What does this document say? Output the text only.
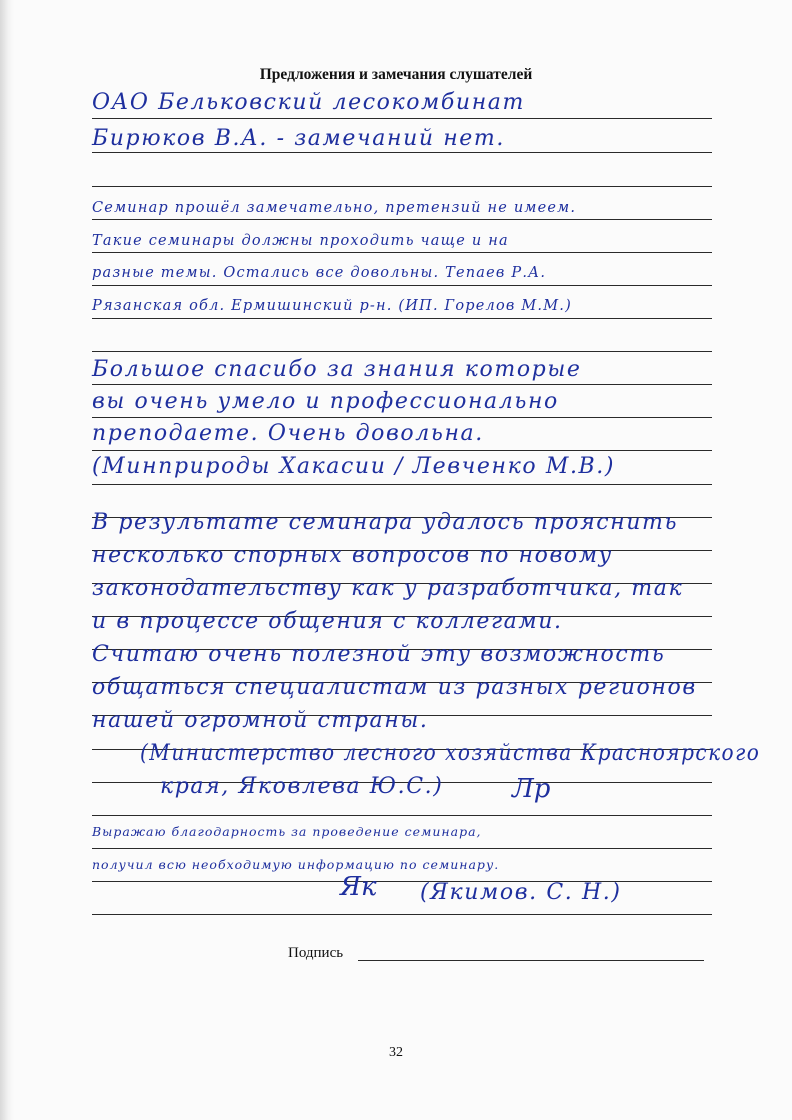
Предложения и замечания слушателей
ОАО Бельковский лесокомбинат
Бирюков В.А. - замечаний нет.
Семинар прошёл замечательно, претензий не имеем.
Такие семинары должны проходить чаще и на
разные темы. Остались все довольны. Тепаев Р.А.
Рязанская обл. Ермишинский р-н. (ИП. Горелов М.М.)
Большое спасибо за знания которые
вы очень умело и профессионально
преподаете. Очень довольна.
(Минприроды Хакасии / Левченко М.В.)
В результате семинара удалось прояснить
несколько спорных вопросов по новому
законодательству как у разработчика, так
и в процессе общения с коллегами.
Считаю очень полезной эту возможность
общаться специалистам из разных регионов
нашей огромной страны.
(Министерство лесного хозяйства Красноярского
края, Яковлева Ю.С.)	Лр
Выражаю благодарность за проведение семинара,
получил всю необходимую информацию по семинару.
Як (Якимов. С. Н.)
Подпись
32
